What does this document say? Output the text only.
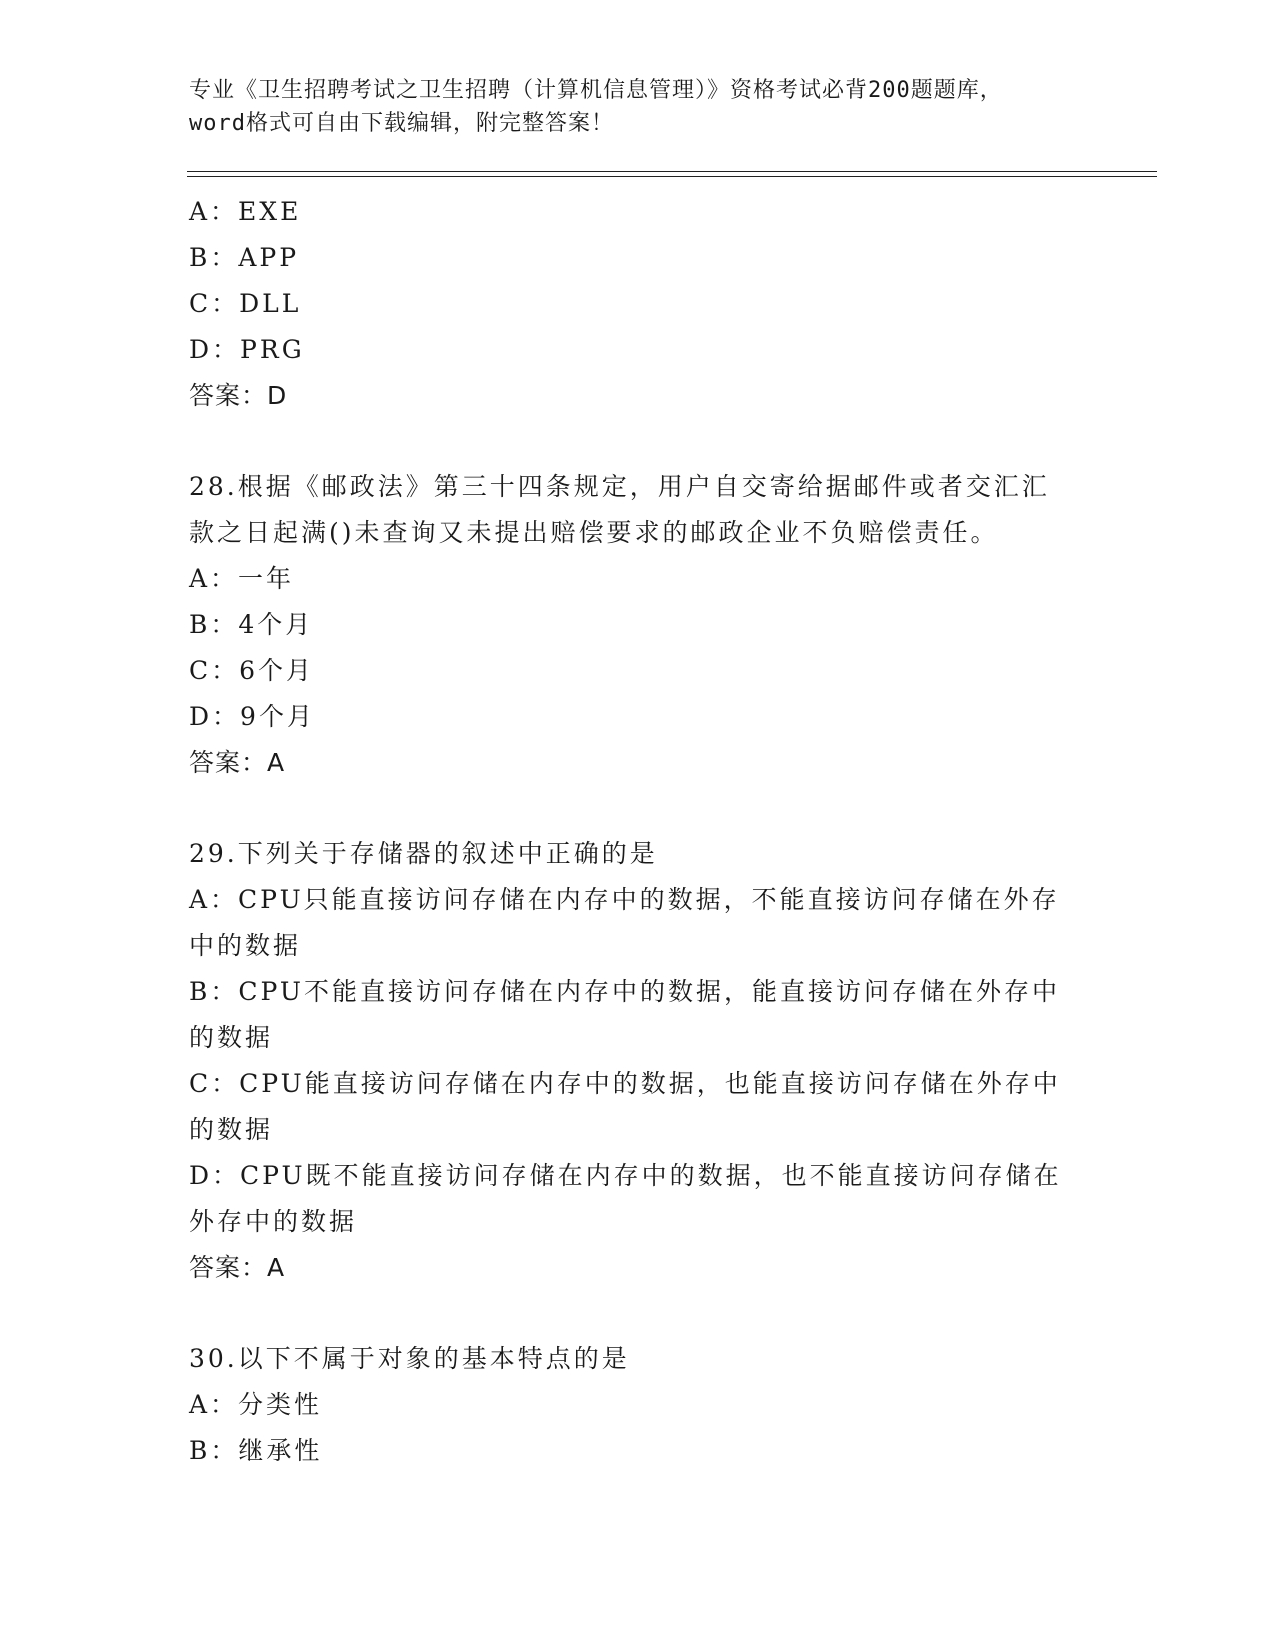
专业《卫生招聘考试之卫生招聘（计算机信息管理）》资格考试必背200题题库，
word格式可自由下载编辑，附完整答案！
A：EXE
B：APP
C：DLL
D：PRG
答案：D
28.根据《邮政法》第三十四条规定，用户自交寄给据邮件或者交汇汇
款之日起满()未查询又未提出赔偿要求的邮政企业不负赔偿责任。
A：一年
B：4个月
C：6个月
D：9个月
答案：A
29.下列关于存储器的叙述中正确的是
A：CPU只能直接访问存储在内存中的数据，不能直接访问存储在外存
中的数据
B：CPU不能直接访问存储在内存中的数据，能直接访问存储在外存中
的数据
C：CPU能直接访问存储在内存中的数据，也能直接访问存储在外存中
的数据
D：CPU既不能直接访问存储在内存中的数据，也不能直接访问存储在
外存中的数据
答案：A
30.以下不属于对象的基本特点的是
A：分类性
B：继承性
